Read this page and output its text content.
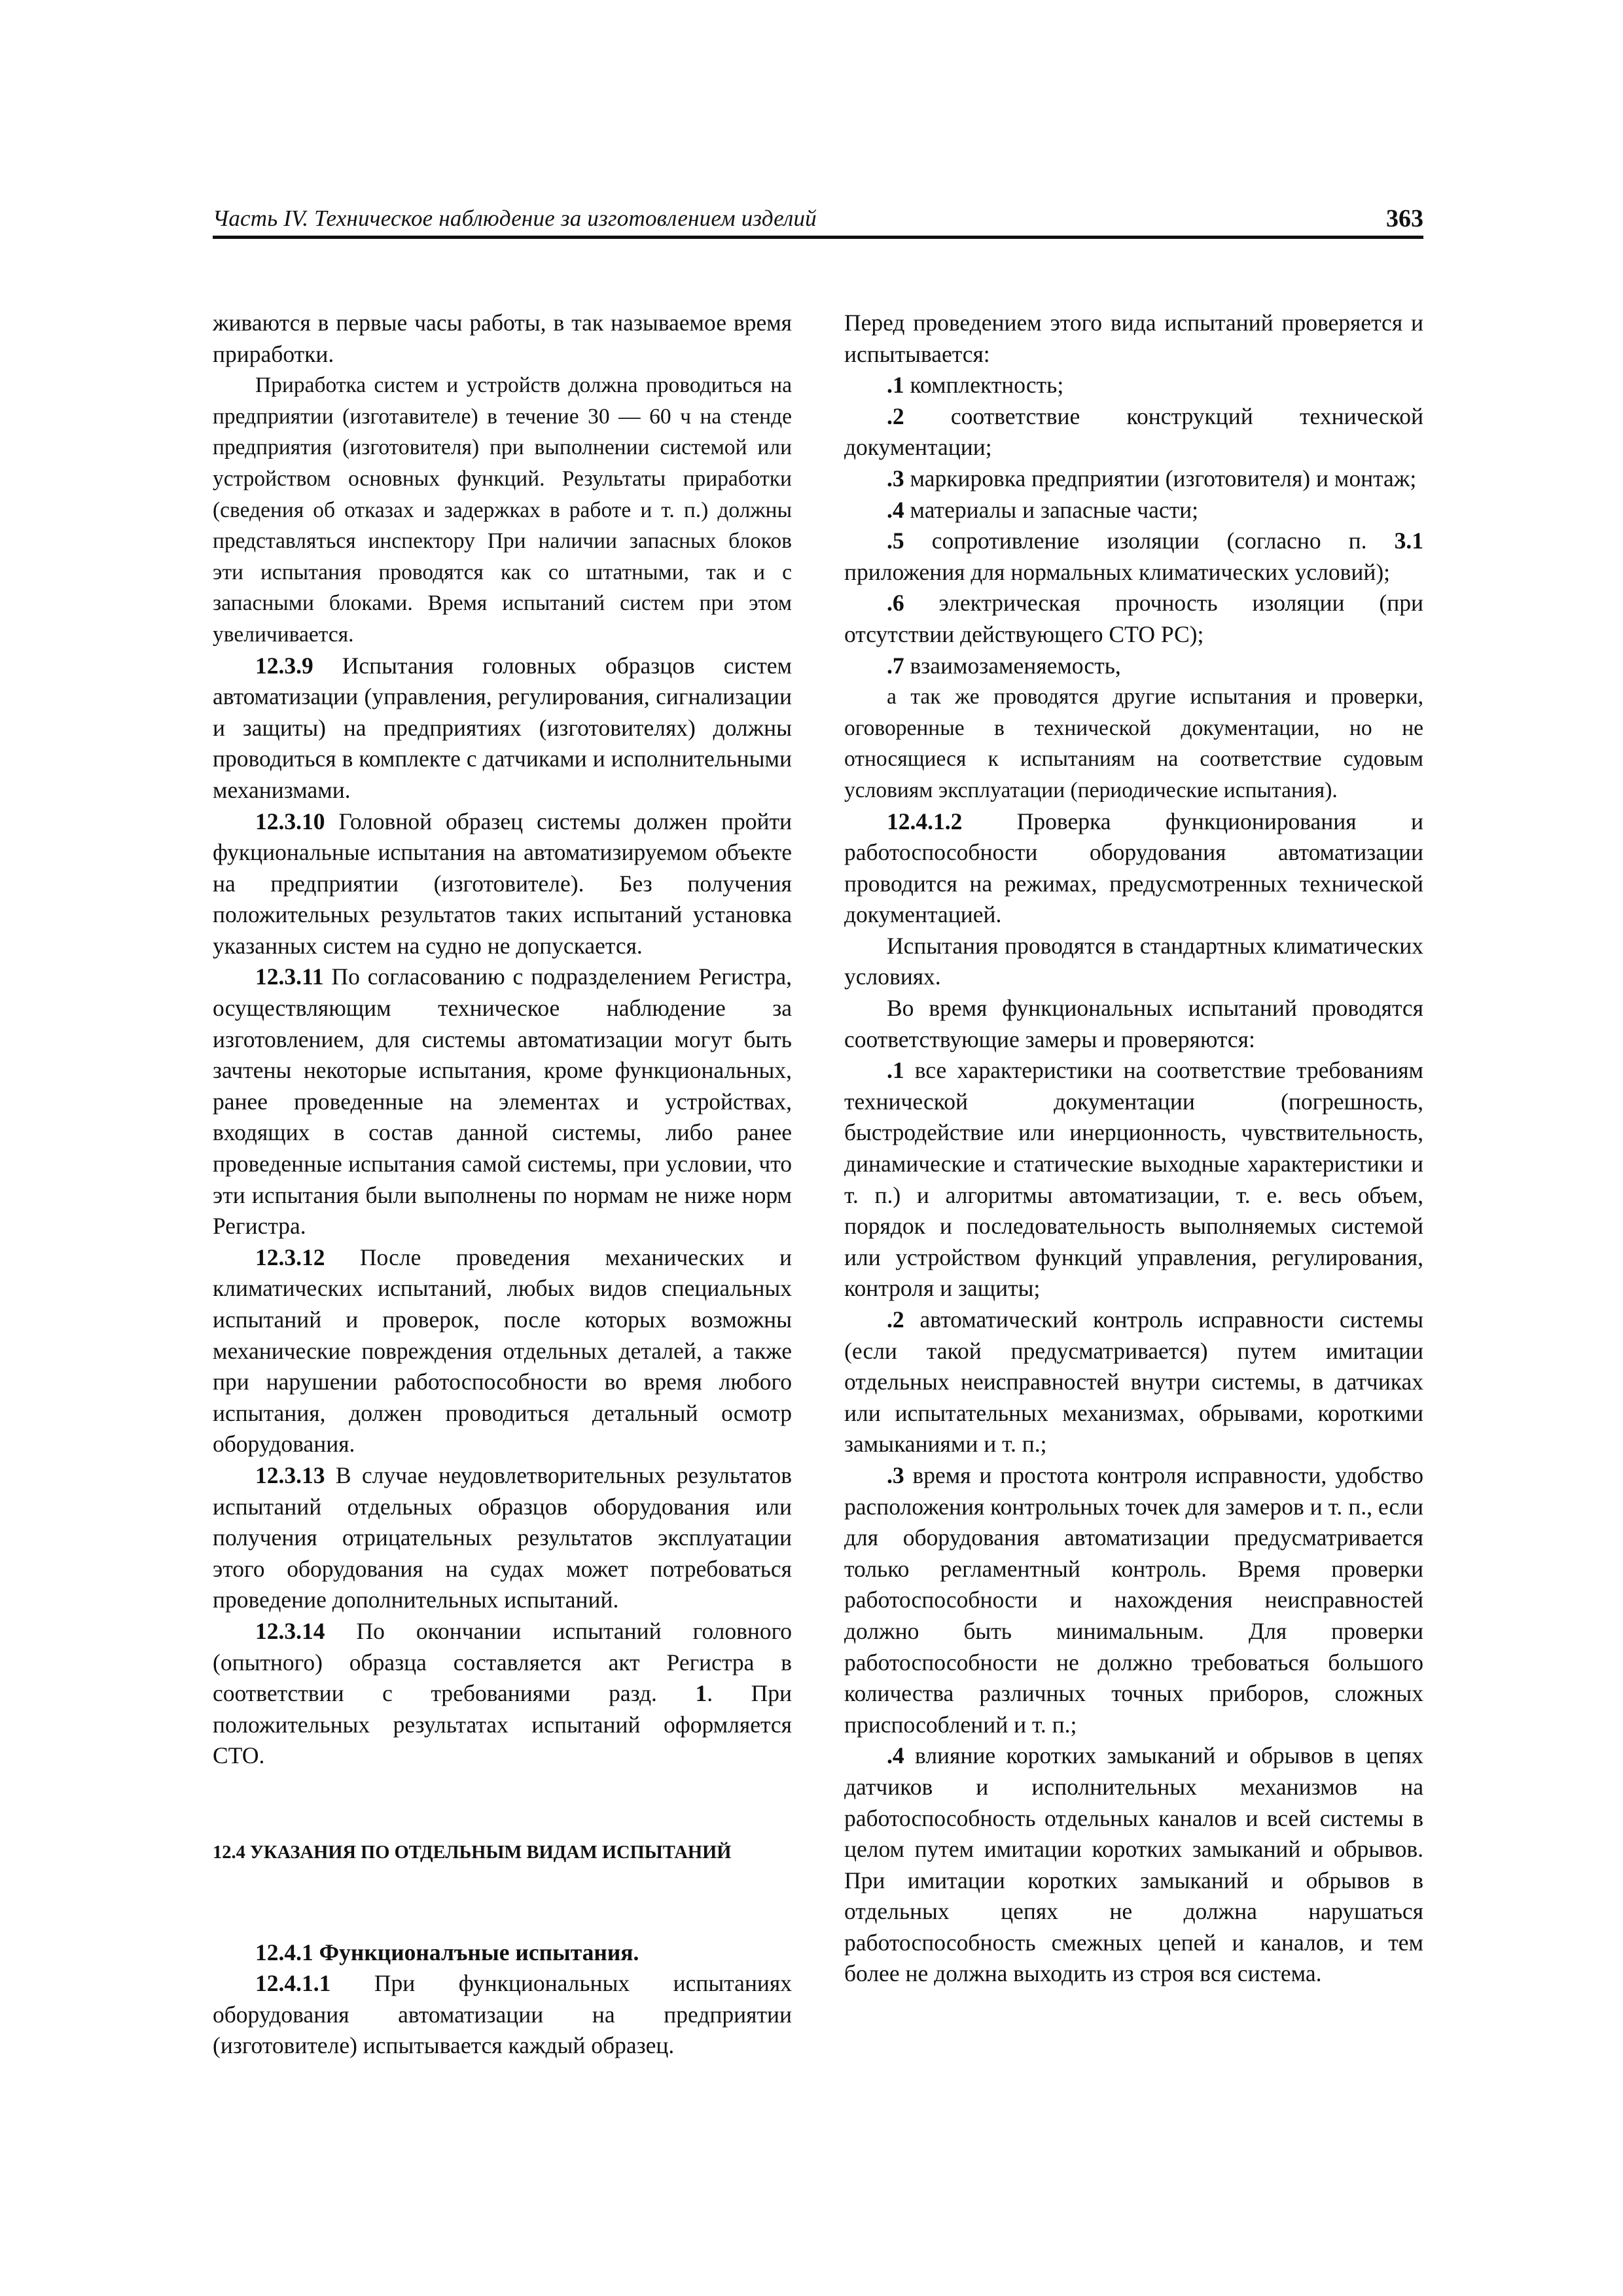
Часть IV. Техническое наблюдение за изготовлением изделий	363

живаются в первые часы работы, в так называемое время приработки.

Приработка систем и устройств должна проводиться на предприятии (изготавителе) в течение 30 — 60 ч на стенде предприятия (изготовителя) при выполнении системой или устройством основных функций. Результаты приработки (сведения об отказах и задержках в работе и т. п.) должны представляться инспектору При наличии запасных блоков эти испытания проводятся как со штатными, так и с запасными блоками. Время испытаний систем при этом увеличивается.

12.3.9 Испытания головных образцов систем автоматизации (управления, регулирования, сигнализации и защиты) на предприятиях (изготовителях) должны проводиться в комплекте с датчиками и исполнительными механизмами.

12.3.10 Головной образец системы должен пройти фукциональные испытания на автоматизируемом объекте на предприятии (изготовителе). Без получения положительных результатов таких испытаний установка указанных систем на судно не допускается.

12.3.11 По согласованию с подразделением Регистра, осуществляющим техническое наблюдение за изготовлением, для системы автоматизации могут быть зачтены некоторые испытания, кроме функциональных, ранее проведенные на элементах и устройствах, входящих в состав данной системы, либо ранее проведенные испытания самой системы, при условии, что эти испытания были выполнены по нормам не ниже норм Регистра.

12.3.12 После проведения механических и климатических испытаний, любых видов специальных испытаний и проверок, после которых возможны механические повреждения отдельных деталей, а также при нарушении работоспособности во время любого испытания, должен проводиться детальный осмотр оборудования.

12.3.13 В случае неудовлетворительных результатов испытаний отдельных образцов оборудования или получения отрицательных результатов эксплуатации этого оборудования на судах может потребоваться проведение дополнительных испытаний.

12.3.14 По окончании испытаний головного (опытного) образца составляется акт Регистра в соответствии с требованиями разд. 1. При положительных результатах испытаний оформляется СТО.

12.4 УКАЗАНИЯ ПО ОТДЕЛЬНЫМ ВИДАМ ИСПЫТАНИЙ

12.4.1 Функционалъные испытания.

12.4.1.1 При функциональных испытаниях оборудования автоматизации на предприятии (изготовителе) испытывается каждый образец.

Перед проведением этого вида испытаний проверяется и испытывается:

.1 комплектность;

.2 соответствие конструкций технической документации;

.3 маркировка предприятии (изготовителя) и монтаж;

.4 материалы и запасные части;

.5 сопротивление изоляции (согласно п. 3.1 приложения для нормальных климатических условий);

.6 электрическая прочность изоляции (при отсутствии действующего СТО РС);

.7 взаимозаменяемость,

а так же проводятся другие испытания и проверки, оговоренные в технической документации, но не относящиеся к испытаниям на соответствие судовым условиям эксплуатации (периодические испытания).

12.4.1.2 Проверка функционирования и работоспособности оборудования автоматизации проводится на режимах, предусмотренных технической документацией.

Испытания проводятся в стандартных климатических условиях.

Во время функциональных испытаний проводятся соответствующие замеры и проверяются:

.1 все характеристики на соответствие требованиям технической документации (погрешность, быстродействие или инерционность, чувствительность, динамические и статические выходные характеристики и т. п.) и алгоритмы автоматизации, т. е. весь объем, порядок и последовательность выполняемых системой или устройством функций управления, регулирования, контроля и защиты;

.2 автоматический контроль исправности системы (если такой предусматривается) путем имитации отдельных неисправностей внутри системы, в датчиках или испытательных механизмах, обрывами, короткими замыканиями и т. п.;

.3 время и простота контроля исправности, удобство расположения контрольных точек для замеров и т. п., если для оборудования автоматизации предусматривается только регламентный контроль. Время проверки работоспособности и нахождения неисправностей должно быть минимальным. Для проверки работоспособности не должно требоваться большого количества различных точных приборов, сложных приспособлений и т. п.;

.4 влияние коротких замыканий и обрывов в цепях датчиков и исполнительных механизмов на работоспособность отдельных каналов и всей системы в целом путем имитации коротких замыканий и обрывов. При имитации коротких замыканий и обрывов в отдельных цепях не должна нарушаться работоспособность смежных цепей и каналов, и тем более не должна выходить из строя вся система.
